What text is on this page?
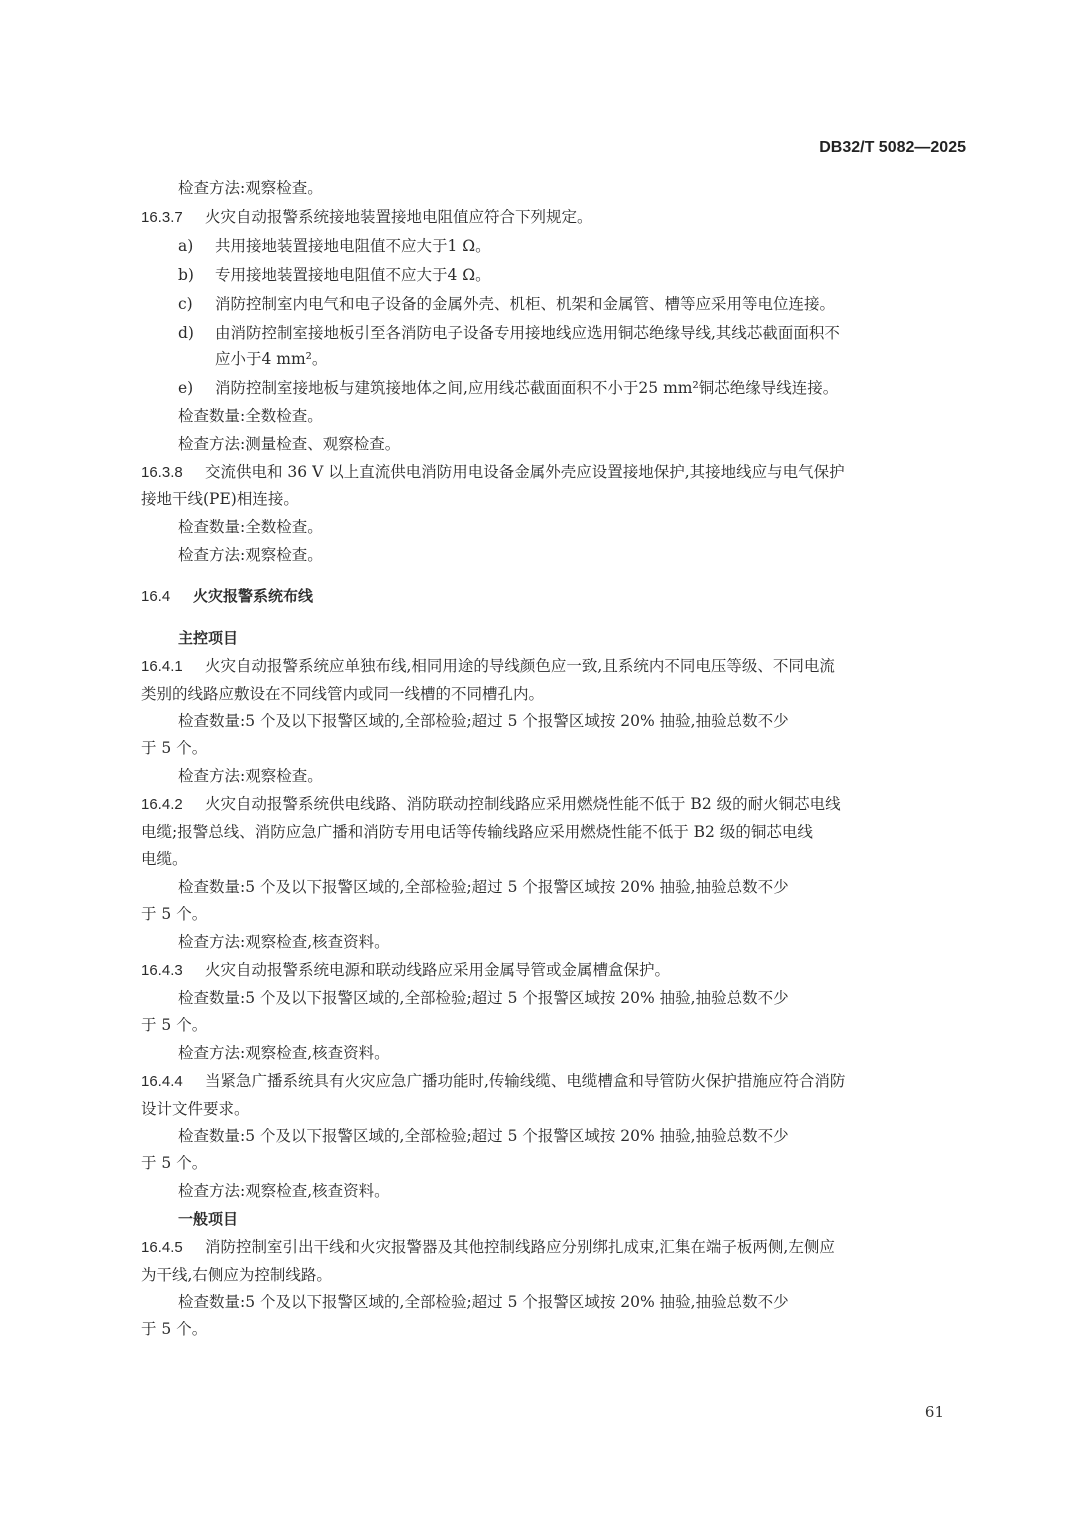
DB32/T 5082—2025
检查方法:观察检查。
16.3.7 火灾自动报警系统接地装置接地电阻值应符合下列规定。
a) 共用接地装置接地电阻值不应大于1 Ω。
b) 专用接地装置接地电阻值不应大于4 Ω。
c) 消防控制室内电气和电子设备的金属外壳、机柜、机架和金属管、槽等应采用等电位连接。
d) 由消防控制室接地板引至各消防电子设备专用接地线应选用铜芯绝缘导线,其线芯截面面积不
应小于4 mm²。
e) 消防控制室接地板与建筑接地体之间,应用线芯截面面积不小于25 mm²铜芯绝缘导线连接。
检查数量:全数检查。
检查方法:测量检查、观察检查。
16.3.8 交流供电和 36 V 以上直流供电消防用电设备金属外壳应设置接地保护,其接地线应与电气保护
接地干线(PE)相连接。
检查数量:全数检查。
检查方法:观察检查。
16.4 火灾报警系统布线
主控项目
16.4.1 火灾自动报警系统应单独布线,相同用途的导线颜色应一致,且系统内不同电压等级、不同电流
类别的线路应敷设在不同线管内或同一线槽的不同槽孔内。
检查数量:5 个及以下报警区域的,全部检验;超过 5 个报警区域按 20% 抽验,抽验总数不少
于 5 个。
检查方法:观察检查。
16.4.2 火灾自动报警系统供电线路、消防联动控制线路应采用燃烧性能不低于 B2 级的耐火铜芯电线
电缆;报警总线、消防应急广播和消防专用电话等传输线路应采用燃烧性能不低于 B2 级的铜芯电线
电缆。
检查数量:5 个及以下报警区域的,全部检验;超过 5 个报警区域按 20% 抽验,抽验总数不少
于 5 个。
检查方法:观察检查,核查资料。
16.4.3 火灾自动报警系统电源和联动线路应采用金属导管或金属槽盒保护。
检查数量:5 个及以下报警区域的,全部检验;超过 5 个报警区域按 20% 抽验,抽验总数不少
于 5 个。
检查方法:观察检查,核查资料。
16.4.4 当紧急广播系统具有火灾应急广播功能时,传输线缆、电缆槽盒和导管防火保护措施应符合消防
设计文件要求。
检查数量:5 个及以下报警区域的,全部检验;超过 5 个报警区域按 20% 抽验,抽验总数不少
于 5 个。
检查方法:观察检查,核查资料。
一般项目
16.4.5 消防控制室引出干线和火灾报警器及其他控制线路应分别绑扎成束,汇集在端子板两侧,左侧应
为干线,右侧应为控制线路。
检查数量:5 个及以下报警区域的,全部检验;超过 5 个报警区域按 20% 抽验,抽验总数不少
于 5 个。
61
